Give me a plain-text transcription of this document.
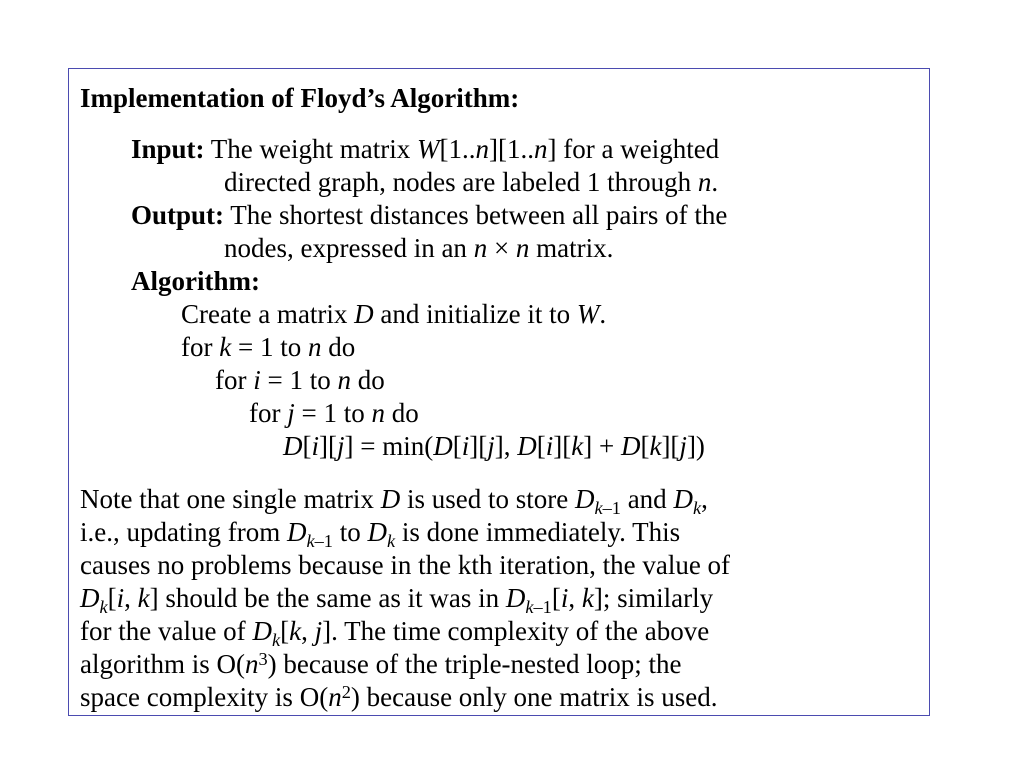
Implementation of Floyd’s Algorithm:
Input: The weight matrix W[1..n][1..n] for a weighted
directed graph, nodes are labeled 1 through n.
Output: The shortest distances between all pairs of the
nodes, expressed in an n × n matrix.
Algorithm:
Create a matrix D and initialize it to W.
for k = 1 to n do
for i = 1 to n do
for j = 1 to n do
D[i][j] = min(D[i][j], D[i][k] + D[k][j])
Note that one single matrix D is used to store $D_{k-1}$ and $D_k$,
i.e., updating from $D_{k-1}$ to $D_k$ is done immediately. This
causes no problems because in the kth iteration, the value of
$D_k[i$, k] should be the same as it was in $D_{k-1}[i$, k]; similarly
for the value of $D_k[k$, j]. The time complexity of the above
algorithm is $O(n^3)$ because of the triple-nested loop; the
space complexity is $O(n^2)$ because only one matrix is used.
